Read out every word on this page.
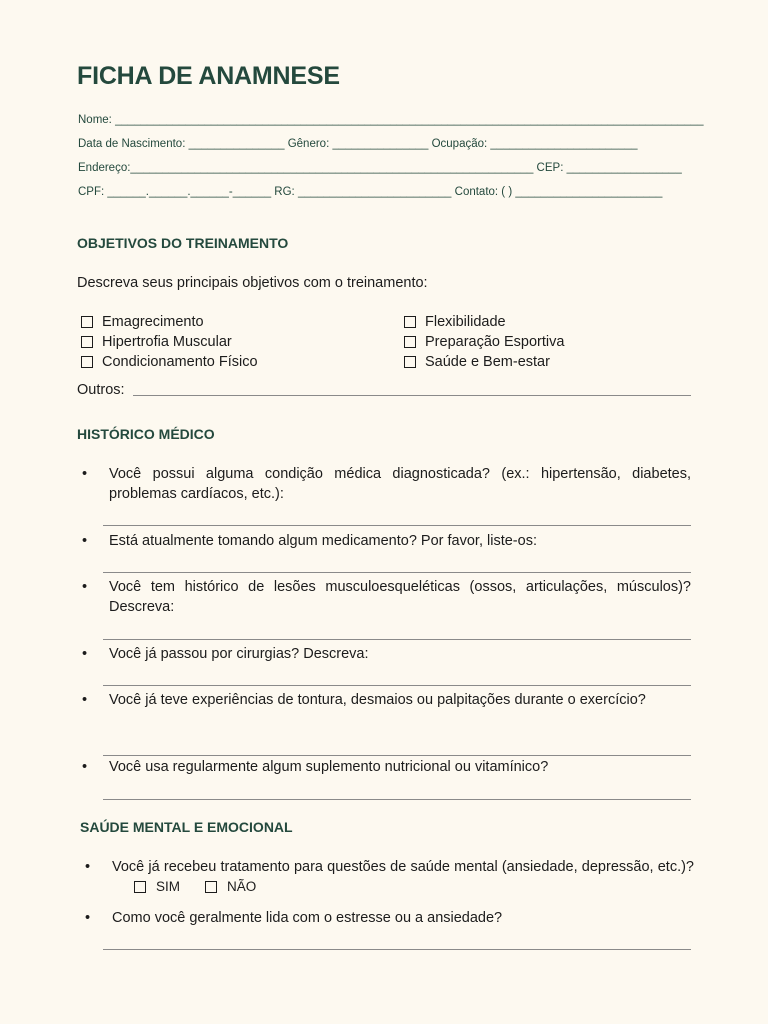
FICHA DE ANAMNESE
Nome: ____________________________________________________________________________________________
Data de Nascimento: _______________ Gênero: _______________ Ocupação: _______________________
Endereço:_______________________________________________________________ CEP: __________________
CPF: ______.______.______-______ RG: ________________________ Contato: ( ) _______________________
OBJETIVOS DO TREINAMENTO
Descreva seus principais objetivos com o treinamento:
Emagrecimento
Hipertrofia Muscular
Condicionamento Físico
Flexibilidade
Preparação Esportiva
Saúde e Bem-estar
Outros:
HISTÓRICO MÉDICO
•	Você possui alguma condição médica diagnosticada? (ex.: hipertensão, diabetes, problemas cardíacos, etc.):
•	Está atualmente tomando algum medicamento? Por favor, liste-os:
•	Você tem histórico de lesões musculoesqueléticas (ossos, articulações, músculos)? Descreva:
•	Você já passou por cirurgias? Descreva:
•	Você já teve experiências de tontura, desmaios ou palpitações durante o exercício?
•	Você usa regularmente algum suplemento nutricional ou vitamínico?
SAÚDE MENTAL E EMOCIONAL
•	Você já recebeu tratamento para questões de saúde mental (ansiedade, depressão, etc.)?
SIM	NÃO
•	Como você geralmente lida com o estresse ou a ansiedade?
